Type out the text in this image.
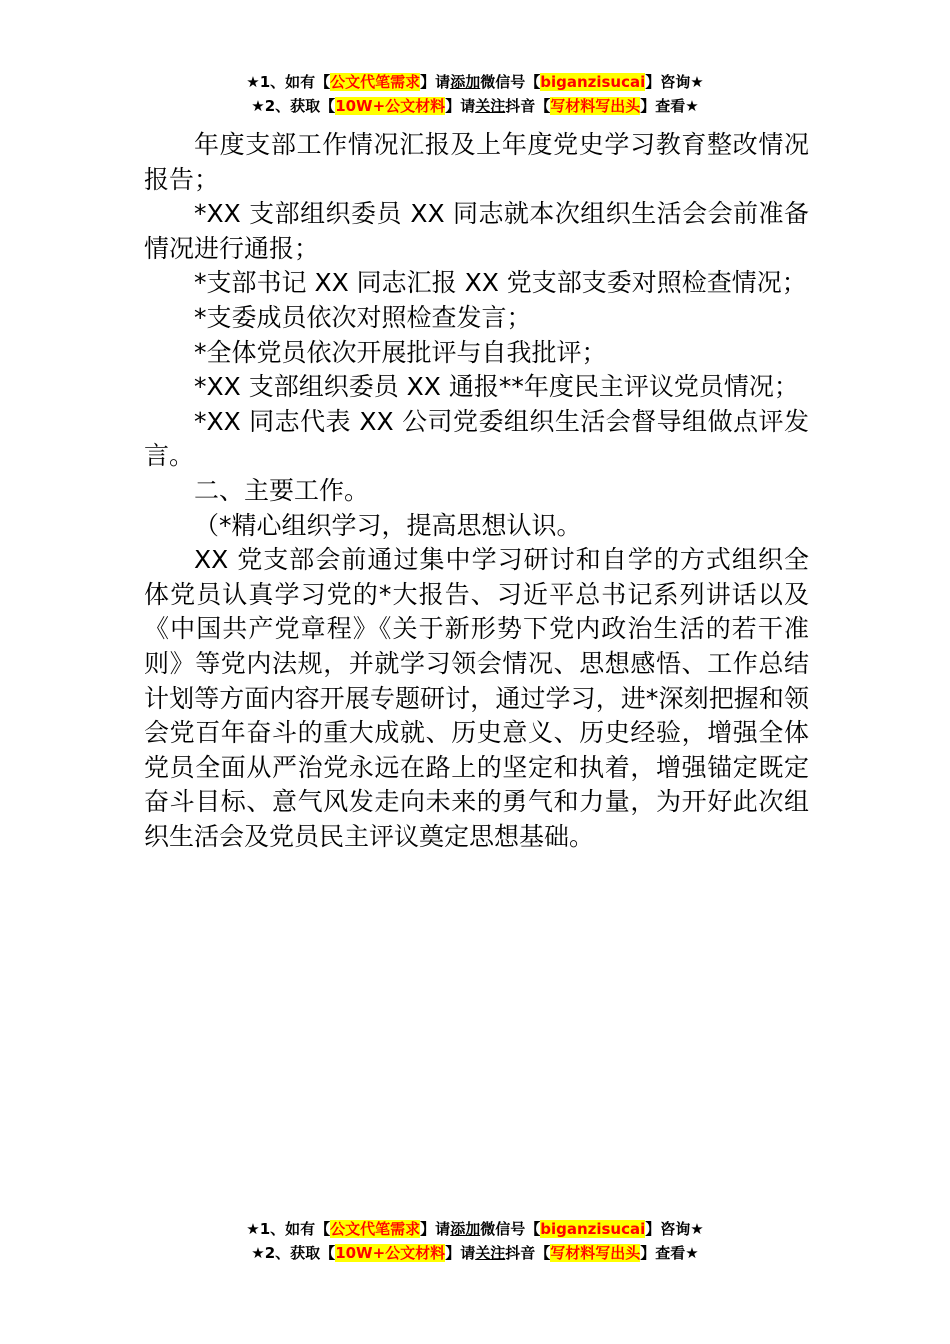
★1、如有【公文代笔需求】请添加微信号【biganzisucai】咨询★
★2、获取【10W+公文材料】请关注抖音【写材料写出头】查看★

年度支部工作情况汇报及上年度党史学习教育整改情况报告；

*XX 支部组织委员 XX 同志就本次组织生活会会前准备情况进行通报；

*支部书记 XX 同志汇报 XX 党支部支委对照检查情况；

*支委成员依次对照检查发言；

*全体党员依次开展批评与自我批评；

*XX 支部组织委员 XX 通报**年度民主评议党员情况；

*XX 同志代表 XX 公司党委组织生活会督导组做点评发言。

二、主要工作。

（*精心组织学习，提高思想认识。

XX 党支部会前通过集中学习研讨和自学的方式组织全体党员认真学习党的*大报告、习近平总书记系列讲话以及《中国共产党章程》《关于新形势下党内政治生活的若干准则》等党内法规，并就学习领会情况、思想感悟、工作总结计划等方面内容开展专题研讨，通过学习，进*深刻把握和领会党百年奋斗的重大成就、历史意义、历史经验，增强全体党员全面从严治党永远在路上的坚定和执着，增强锚定既定奋斗目标、意气风发走向未来的勇气和力量，为开好此次组织生活会及党员民主评议奠定思想基础。

★1、如有【公文代笔需求】请添加微信号【biganzisucai】咨询★
★2、获取【10W+公文材料】请关注抖音【写材料写出头】查看★
